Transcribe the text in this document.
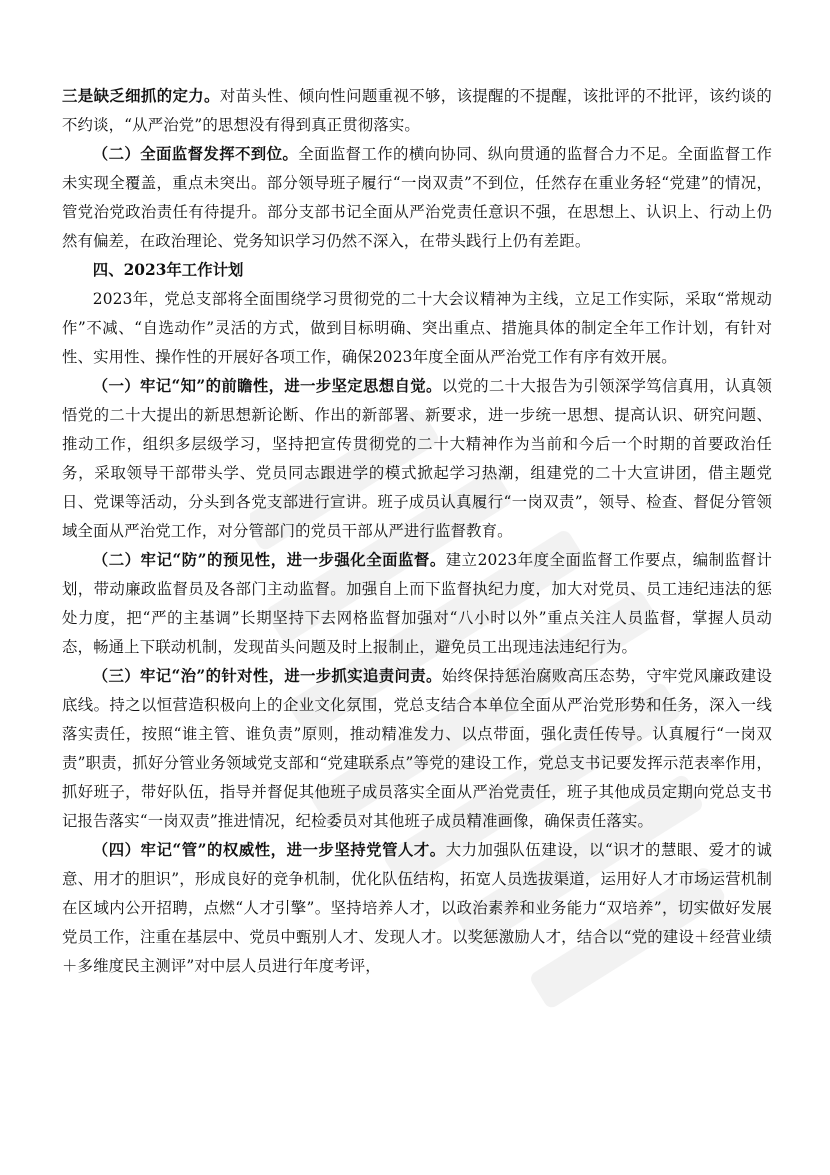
三是缺乏细抓的定力。对苗头性、倾向性问题重视不够，该提醒的不提醒，该批评的不批评，该约谈的不约谈，“从严治党”的思想没有得到真正贯彻落实。

（二）全面监督发挥不到位。全面监督工作的横向协同、纵向贯通的监督合力不足。全面监督工作未实现全覆盖，重点未突出。部分领导班子履行“一岗双责”不到位，任然存在重业务轻“党建”的情况，管党治党政治责任有待提升。部分支部书记全面从严治党责任意识不强，在思想上、认识上、行动上仍然有偏差，在政治理论、党务知识学习仍然不深入，在带头践行上仍有差距。

四、2023年工作计划

2023年，党总支部将全面围绕学习贯彻党的二十大会议精神为主线，立足工作实际，采取“常规动作”不减、“自选动作”灵活的方式，做到目标明确、突出重点、措施具体的制定全年工作计划，有针对性、实用性、操作性的开展好各项工作，确保2023年度全面从严治党工作有序有效开展。

（一）牢记“知”的前瞻性，进一步坚定思想自觉。以党的二十大报告为引领深学笃信真用，认真领悟党的二十大提出的新思想新论断、作出的新部署、新要求，进一步统一思想、提高认识、研究问题、推动工作，组织多层级学习，坚持把宣传贯彻党的二十大精神作为当前和今后一个时期的首要政治任务，采取领导干部带头学、党员同志跟进学的模式掀起学习热潮，组建党的二十大宣讲团，借主题党日、党课等活动，分头到各党支部进行宣讲。班子成员认真履行“一岗双责”，领导、检查、督促分管领域全面从严治党工作，对分管部门的党员干部从严进行监督教育。

（二）牢记“防”的预见性，进一步强化全面监督。建立2023年度全面监督工作要点，编制监督计划，带动廉政监督员及各部门主动监督。加强自上而下监督执纪力度，加大对党员、员工违纪违法的惩处力度，把“严的主基调”长期坚持下去网格监督加强对“八小时以外”重点关注人员监督，掌握人员动态，畅通上下联动机制，发现苗头问题及时上报制止，避免员工出现违法违纪行为。

（三）牢记“治”的针对性，进一步抓实追责问责。始终保持惩治腐败高压态势，守牢党风廉政建设底线。持之以恒营造积极向上的企业文化氛围，党总支结合本单位全面从严治党形势和任务，深入一线落实责任，按照“谁主管、谁负责”原则，推动精准发力、以点带面，强化责任传导。认真履行“一岗双责”职责，抓好分管业务领域党支部和“党建联系点”等党的建设工作，党总支书记要发挥示范表率作用，抓好班子，带好队伍，指导并督促其他班子成员落实全面从严治党责任，班子其他成员定期向党总支书记报告落实“一岗双责”推进情况，纪检委员对其他班子成员精准画像，确保责任落实。

（四）牢记“管”的权威性，进一步坚持党管人才。大力加强队伍建设，以“识才的慧眼、爱才的诚意、用才的胆识”，形成良好的竞争机制，优化队伍结构，拓宽人员选拔渠道，运用好人才市场运营机制在区域内公开招聘，点燃“人才引擎”。坚持培养人才，以政治素养和业务能力“双培养”，切实做好发展党员工作，注重在基层中、党员中甄别人才、发现人才。以奖惩激励人才，结合以“党的建设＋经营业绩＋多维度民主测评”对中层人员进行年度考评，
